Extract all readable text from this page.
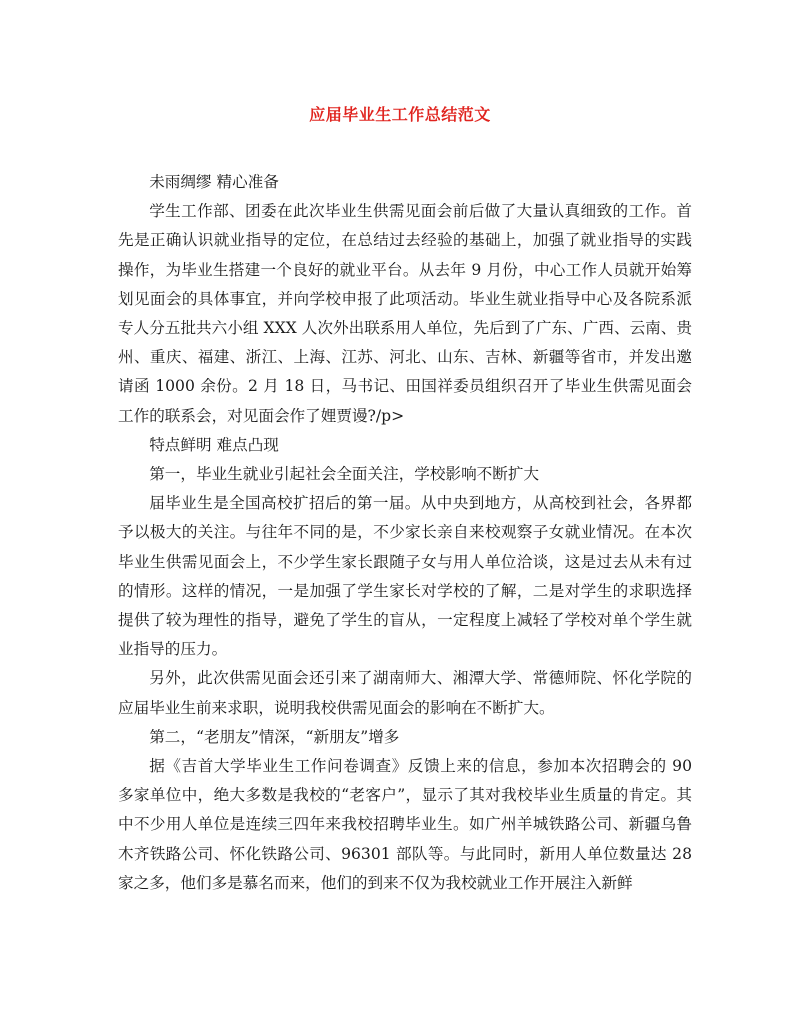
应届毕业生工作总结范文

未雨绸缪 精心准备

学生工作部、团委在此次毕业生供需见面会前后做了大量认真细致的工作。首先是正确认识就业指导的定位，在总结过去经验的基础上，加强了就业指导的实践操作，为毕业生搭建一个良好的就业平台。从去年 9 月份，中心工作人员就开始筹划见面会的具体事宜，并向学校申报了此项活动。毕业生就业指导中心及各院系派专人分五批共六小组 XXX 人次外出联系用人单位，先后到了广东、广西、云南、贵州、重庆、福建、浙江、上海、江苏、河北、山东、吉林、新疆等省市，并发出邀请函 1000 余份。2 月 18 日，马书记、田国祥委员组织召开了毕业生供需见面会工作的联系会，对见面会作了娌贾谩?/p>

特点鲜明 难点凸现

第一，毕业生就业引起社会全面关注，学校影响不断扩大

届毕业生是全国高校扩招后的第一届。从中央到地方，从高校到社会，各界都予以极大的关注。与往年不同的是，不少家长亲自来校观察子女就业情况。在本次毕业生供需见面会上，不少学生家长跟随子女与用人单位洽谈，这是过去从未有过的情形。这样的情况，一是加强了学生家长对学校的了解，二是对学生的求职选择提供了较为理性的指导，避免了学生的盲从，一定程度上减轻了学校对单个学生就业指导的压力。

另外，此次供需见面会还引来了湖南师大、湘潭大学、常德师院、怀化学院的应届毕业生前来求职，说明我校供需见面会的影响在不断扩大。

第二，“老朋友”情深，“新朋友”增多

据《吉首大学毕业生工作问卷调查》反馈上来的信息，参加本次招聘会的 90 多家单位中，绝大多数是我校的“老客户”，显示了其对我校毕业生质量的肯定。其中不少用人单位是连续三四年来我校招聘毕业生。如广州羊城铁路公司、新疆乌鲁木齐铁路公司、怀化铁路公司、96301 部队等。与此同时，新用人单位数量达 28 家之多，他们多是慕名而来，他们的到来不仅为我校就业工作开展注入新鲜
